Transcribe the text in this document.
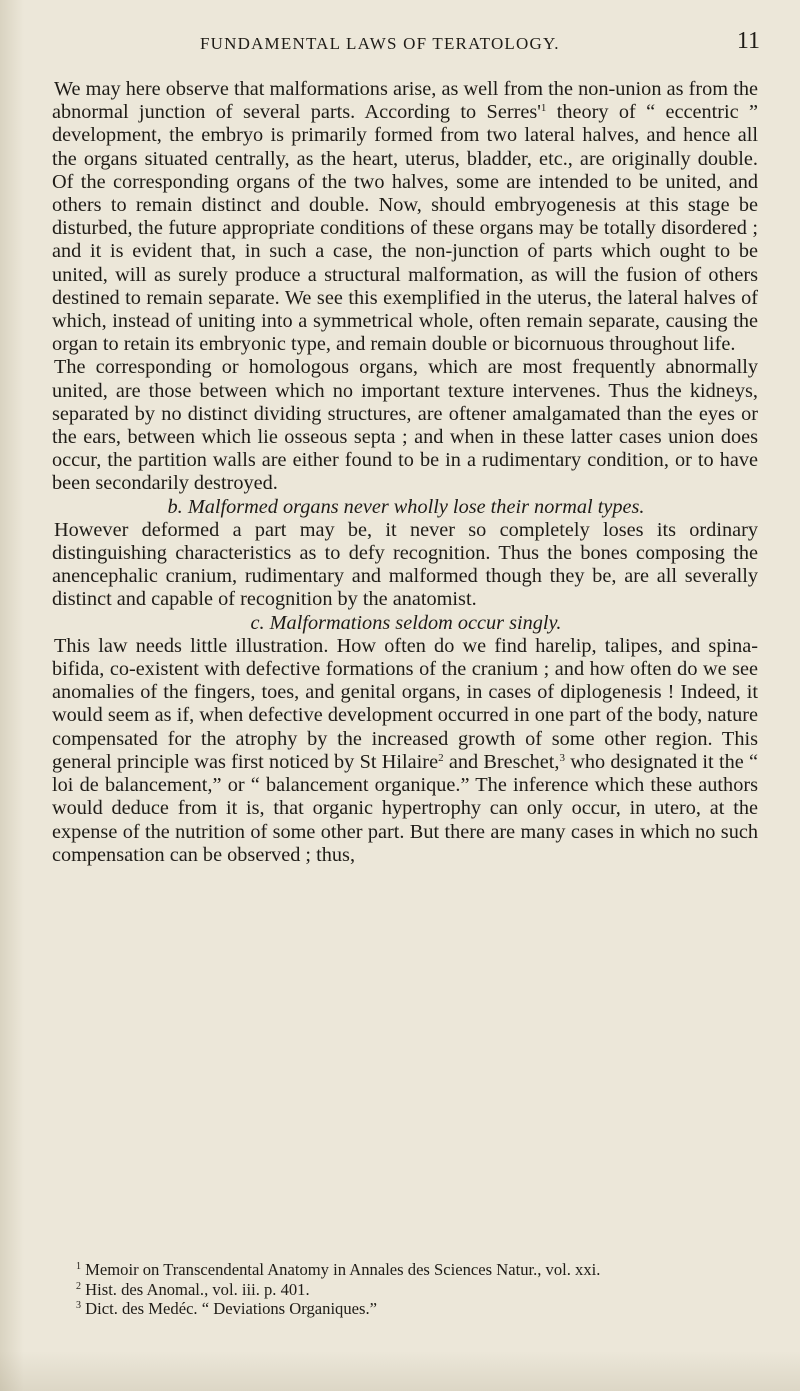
FUNDAMENTAL LAWS OF TERATOLOGY.	11

We may here observe that malformations arise, as well from the non-union as from the abnormal junction of several parts. According to $Serres'^1$ theory of “ eccentric ” development, the embryo is primarily formed from two lateral halves, and hence all the organs situated centrally, as the heart, uterus, bladder, etc., are originally double. Of the corresponding organs of the two halves, some are intended to be united, and others to remain distinct and double. Now, should embryogenesis at this stage be disturbed, the future appropriate conditions of these organs may be totally disordered ; and it is evident that, in such a case, the non-junction of parts which ought to be united, will as surely produce a structural malformation, as will the fusion of others destined to remain separate. We see this exemplified in the uterus, the lateral halves of which, instead of uniting into a symmetrical whole, often remain separate, causing the organ to retain its embryonic type, and remain double or bicornuous throughout life.

The corresponding or homologous organs, which are most frequently abnormally united, are those between which no important texture intervenes. Thus the kidneys, separated by no distinct dividing structures, are oftener amalgamated than the eyes or the ears, between which lie osseous septa ; and when in these latter cases union does occur, the partition walls are either found to be in a rudimentary condition, or to have been secondarily destroyed.

b. Malformed organs never wholly lose their normal types.

However deformed a part may be, it never so completely loses its ordinary distinguishing characteristics as to defy recognition. Thus the bones composing the anencephalic cranium, rudimentary and malformed though they be, are all severally distinct and capable of recognition by the anatomist.

c. Malformations seldom occur singly.

This law needs little illustration. How often do we find harelip, talipes, and spina-bifida, co-existent with defective formations of the cranium ; and how often do we see anomalies of the fingers, toes, and genital organs, in cases of diplogenesis ! Indeed, it would seem as if, when defective development occurred in one part of the body, nature compensated for the atrophy by the increased growth of some other region. This general principle was first noticed by St Hilaire$^2$ and Breschet,$^3$ who designated it the “ loi de balancement,” or “ balancement organique.” The inference which these authors would deduce from it is, that organic hypertrophy can only occur, in utero, at the expense of the nutrition of some other part. But there are many cases in which no such compensation can be observed ; thus,

$^1$ Memoir on Transcendental Anatomy in Annales des Sciences Natur., vol. xxi.

$^2$ Hist. des Anomal., vol. iii. p. 401.

$^3$ Dict. des Medéc. “ Deviations Organiques.”
